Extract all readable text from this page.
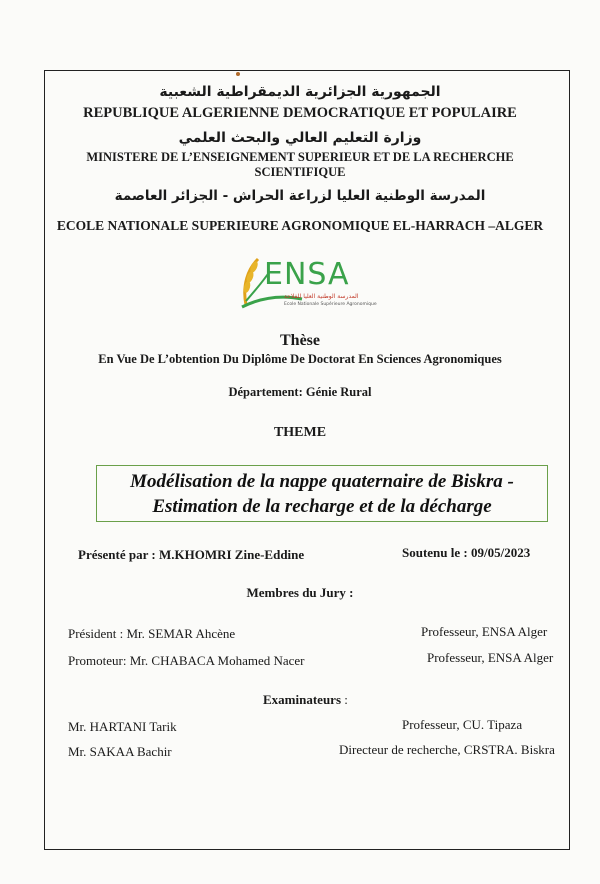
الجمهورية الجزائرية الديمقراطية الشعبية
REPUBLIQUE ALGERIENNE DEMOCRATIQUE ET POPULAIRE
وزارة التعليم العالي والبحث العلمي
MINISTERE DE L’ENSEIGNEMENT SUPERIEUR ET DE LA RECHERCHE
SCIENTIFIQUE
المدرسة الوطنية العليا لزراعة الحراش - الجزائر العاصمة
ECOLE NATIONALE SUPERIEURE AGRONOMIQUE EL-HARRACH –ALGER
ENSA
المدرسة الوطنية العليا للفلاحة
Ecole Nationale Supérieure Agronomique
Thèse
En Vue De L’obtention Du Diplôme De Doctorat En Sciences Agronomiques
Département: Génie Rural
THEME
Modélisation de la nappe quaternaire de Biskra -
Estimation de la recharge et de la décharge
Présenté par : M.KHOMRI Zine-Eddine	Soutenu le : 09/05/2023
Membres du Jury :
Président : Mr. SEMAR Ahcène	Professeur, ENSA Alger
Promoteur: Mr. CHABACA Mohamed Nacer	Professeur, ENSA Alger
Examinateurs :
Mr. HARTANI Tarik	Professeur, CU. Tipaza
Mr. SAKAA Bachir	Directeur de recherche, CRSTRA. Biskra
